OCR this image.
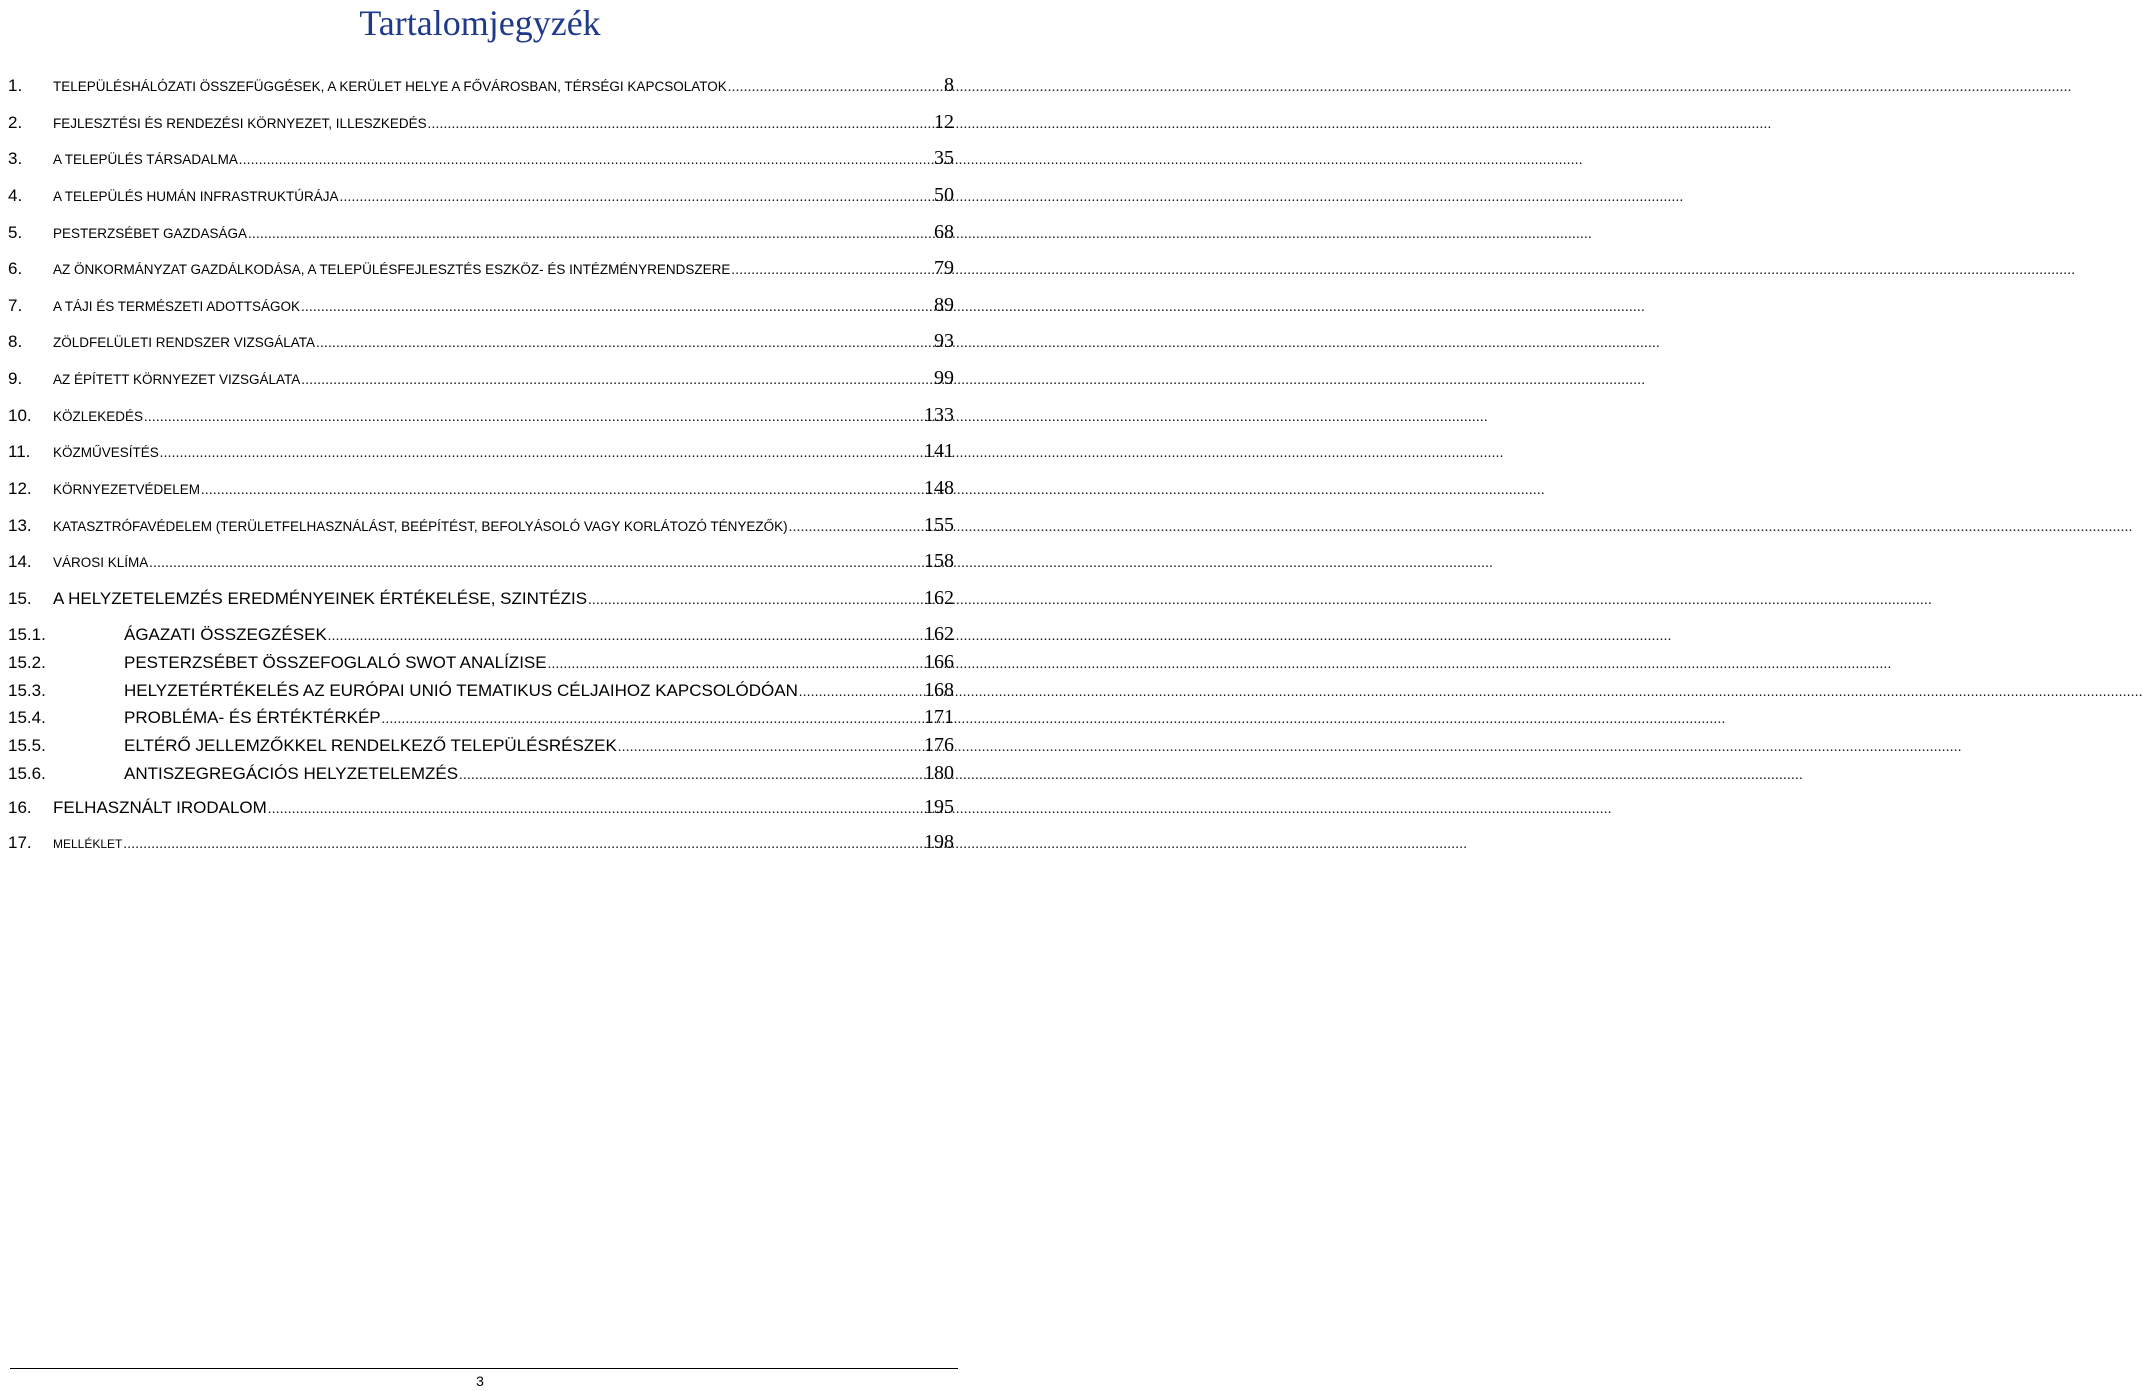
Tartalomjegyzék
1.	TELEPÜLÉSHÁLÓZATI ÖSSZEFÜGGÉSEK, A KERÜLET HELYE A FŐVÁROSBAN, TÉRSÉGI KAPCSOLATOK .....	8
2.	FEJLESZTÉSI ÉS RENDEZÉSI KÖRNYEZET, ILLESZKEDÉS .....	12
3.	A TELEPÜLÉS TÁRSADALMA .....	35
4.	A TELEPÜLÉS HUMÁN INFRASTRUKTÚRÁJA .....	50
5.	PESTERZSÉBET GAZDASÁGA .....	68
6.	AZ ÖNKORMÁNYZAT GAZDÁLKODÁSA, A TELEPÜLÉSFEJLESZTÉS ESZKÖZ- ÉS INTÉZMÉNYRENDSZERE .....	79
7.	A TÁJI ÉS TERMÉSZETI ADOTTSÁGOK .....	89
8.	ZÖLDFELÜLETI RENDSZER VIZSGÁLATA .....	93
9.	AZ ÉPÍTETT KÖRNYEZET VIZSGÁLATA .....	99
10.	KÖZLEKEDÉS .....	133
11.	KÖZMŰVESÍTÉS .....	141
12.	KÖRNYEZETVÉDELEM .....	148
13.	KATASZTRÓFAVÉDELEM (TERÜLETFELHASZNÁLÁST, BEÉPÍTÉST, BEFOLYÁSOLÓ VAGY KORLÁTOZÓ TÉNYEZŐK) .....	155
14.	VÁROSI KLÍMA .....	158
15.	A HELYZETELEMZÉS EREDMÉNYEINEK ÉRTÉKELÉSE, SZINTÉZIS .....	162
15.1.	ÁGAZATI ÖSSZEGZÉSEK .....	162
15.2.	PESTERZSÉBET ÖSSZEFOGLALÓ SWOT ANALÍZISE .....	166
15.3.	HELYZETÉRTÉKELÉS AZ EURÓPAI UNIÓ TEMATIKUS CÉLJAIHOZ KAPCSOLÓDÓAN .....	168
15.4.	PROBLÉMA- ÉS ÉRTÉKTÉRKÉP .....	171
15.5.	ELTÉRŐ JELLEMZŐKKEL RENDELKEZŐ TELEPÜLÉSRÉSZEK .....	176
15.6.	ANTISZEGREGÁCIÓS HELYZETELEMZÉS .....	180
16.	FELHASZNÁLT IRODALOM .....	195
17.	MELLÉKLET .....	198
3
